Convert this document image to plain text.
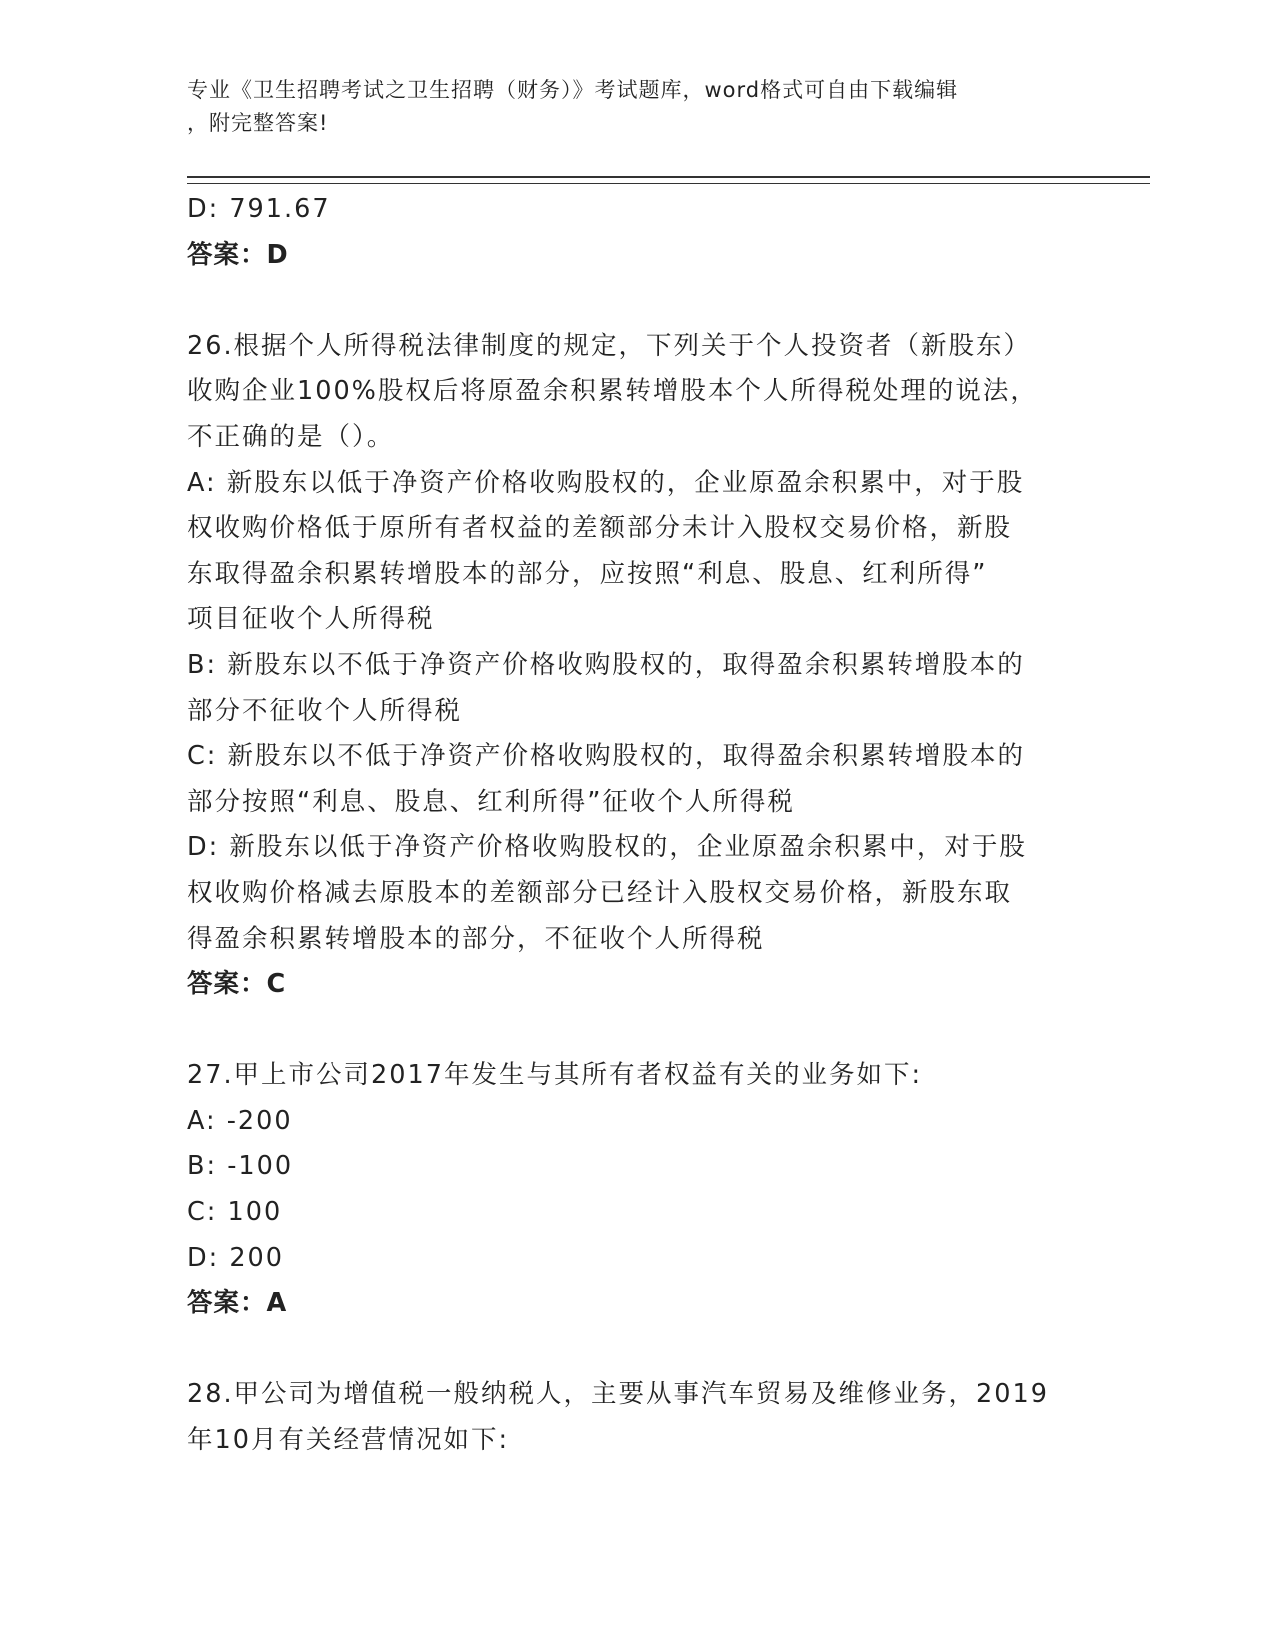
专业《卫生招聘考试之卫生招聘（财务）》考试题库，word格式可自由下载编辑

，附完整答案!

D: 791.67
答案：D
26.根据个人所得税法律制度的规定，下列关于个人投资者（新股东）
收购企业100%股权后将原盈余积累转增股本个人所得税处理的说法，
不正确的是（）。
A: 新股东以低于净资产价格收购股权的，企业原盈余积累中，对于股
权收购价格低于原所有者权益的差额部分未计入股权交易价格，新股
东取得盈余积累转增股本的部分，应按照“利息、股息、红利所得”
项目征收个人所得税
B: 新股东以不低于净资产价格收购股权的，取得盈余积累转增股本的
部分不征收个人所得税
C: 新股东以不低于净资产价格收购股权的，取得盈余积累转增股本的
部分按照“利息、股息、红利所得”征收个人所得税
D: 新股东以低于净资产价格收购股权的，企业原盈余积累中，对于股
权收购价格减去原股本的差额部分已经计入股权交易价格，新股东取
得盈余积累转增股本的部分，不征收个人所得税
答案：C
27.甲上市公司2017年发生与其所有者权益有关的业务如下:
A: -200
B: -100
C: 100
D: 200
答案：A
28.甲公司为增值税一般纳税人，主要从事汽车贸易及维修业务，2019
年10月有关经营情况如下:
